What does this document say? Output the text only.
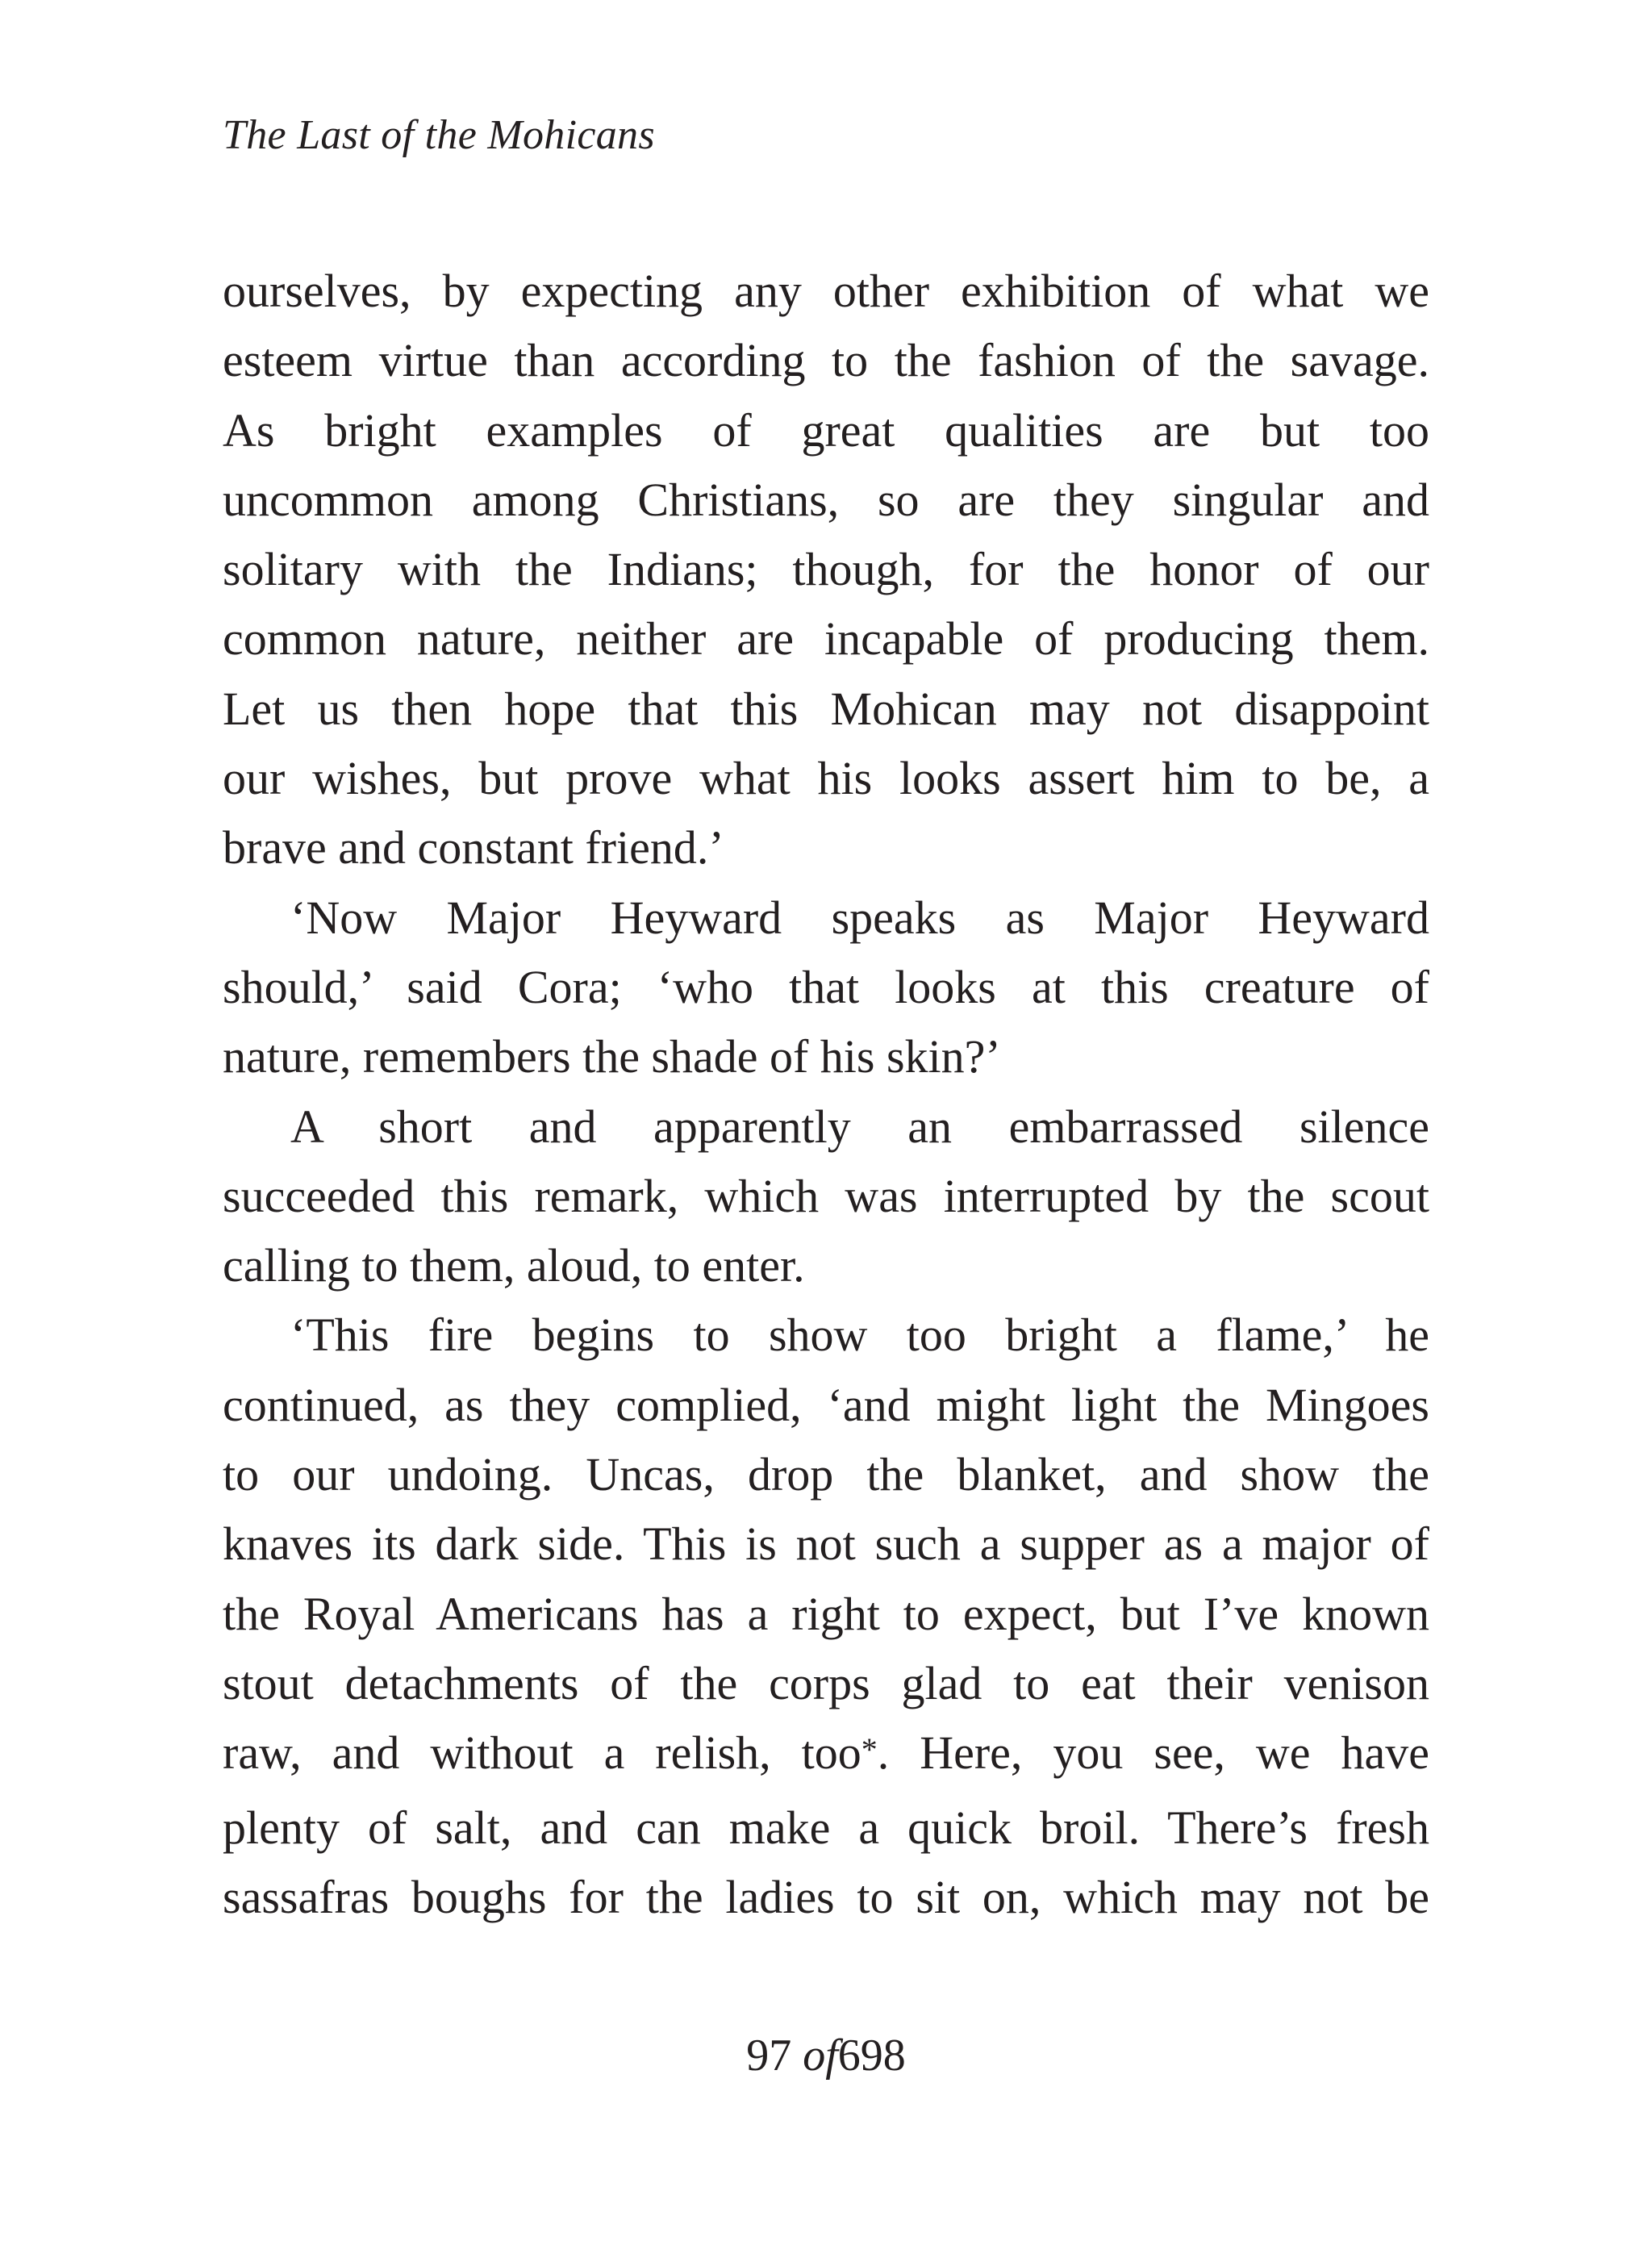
The Last of the Mohicans

ourselves, by expecting any other exhibition of what we

esteem virtue than according to the fashion of the savage.

As bright examples of great qualities are but too

uncommon among Christians, so are they singular and

solitary with the Indians; though, for the honor of our

common nature, neither are incapable of producing them.

Let us then hope that this Mohican may not disappoint

our wishes, but prove what his looks assert him to be, a

brave and constant friend.’

‘Now Major Heyward speaks as Major Heyward

should,’ said Cora; ‘who that looks at this creature of

nature, remembers the shade of his skin?’

A short and apparently an embarrassed silence

succeeded this remark, which was interrupted by the scout

calling to them, aloud, to enter.

‘This fire begins to show too bright a flame,’ he

continued, as they complied, ‘and might light the Mingoes

to our undoing. Uncas, drop the blanket, and show the

knaves its dark side. This is not such a supper as a major of

the Royal Americans has a right to expect, but I’ve known

stout detachments of the corps glad to eat their venison

raw, and without a relish, too*. Here, you see, we have

plenty of salt, and can make a quick broil. There’s fresh

sassafras boughs for the ladies to sit on, which may not be

97 of698
